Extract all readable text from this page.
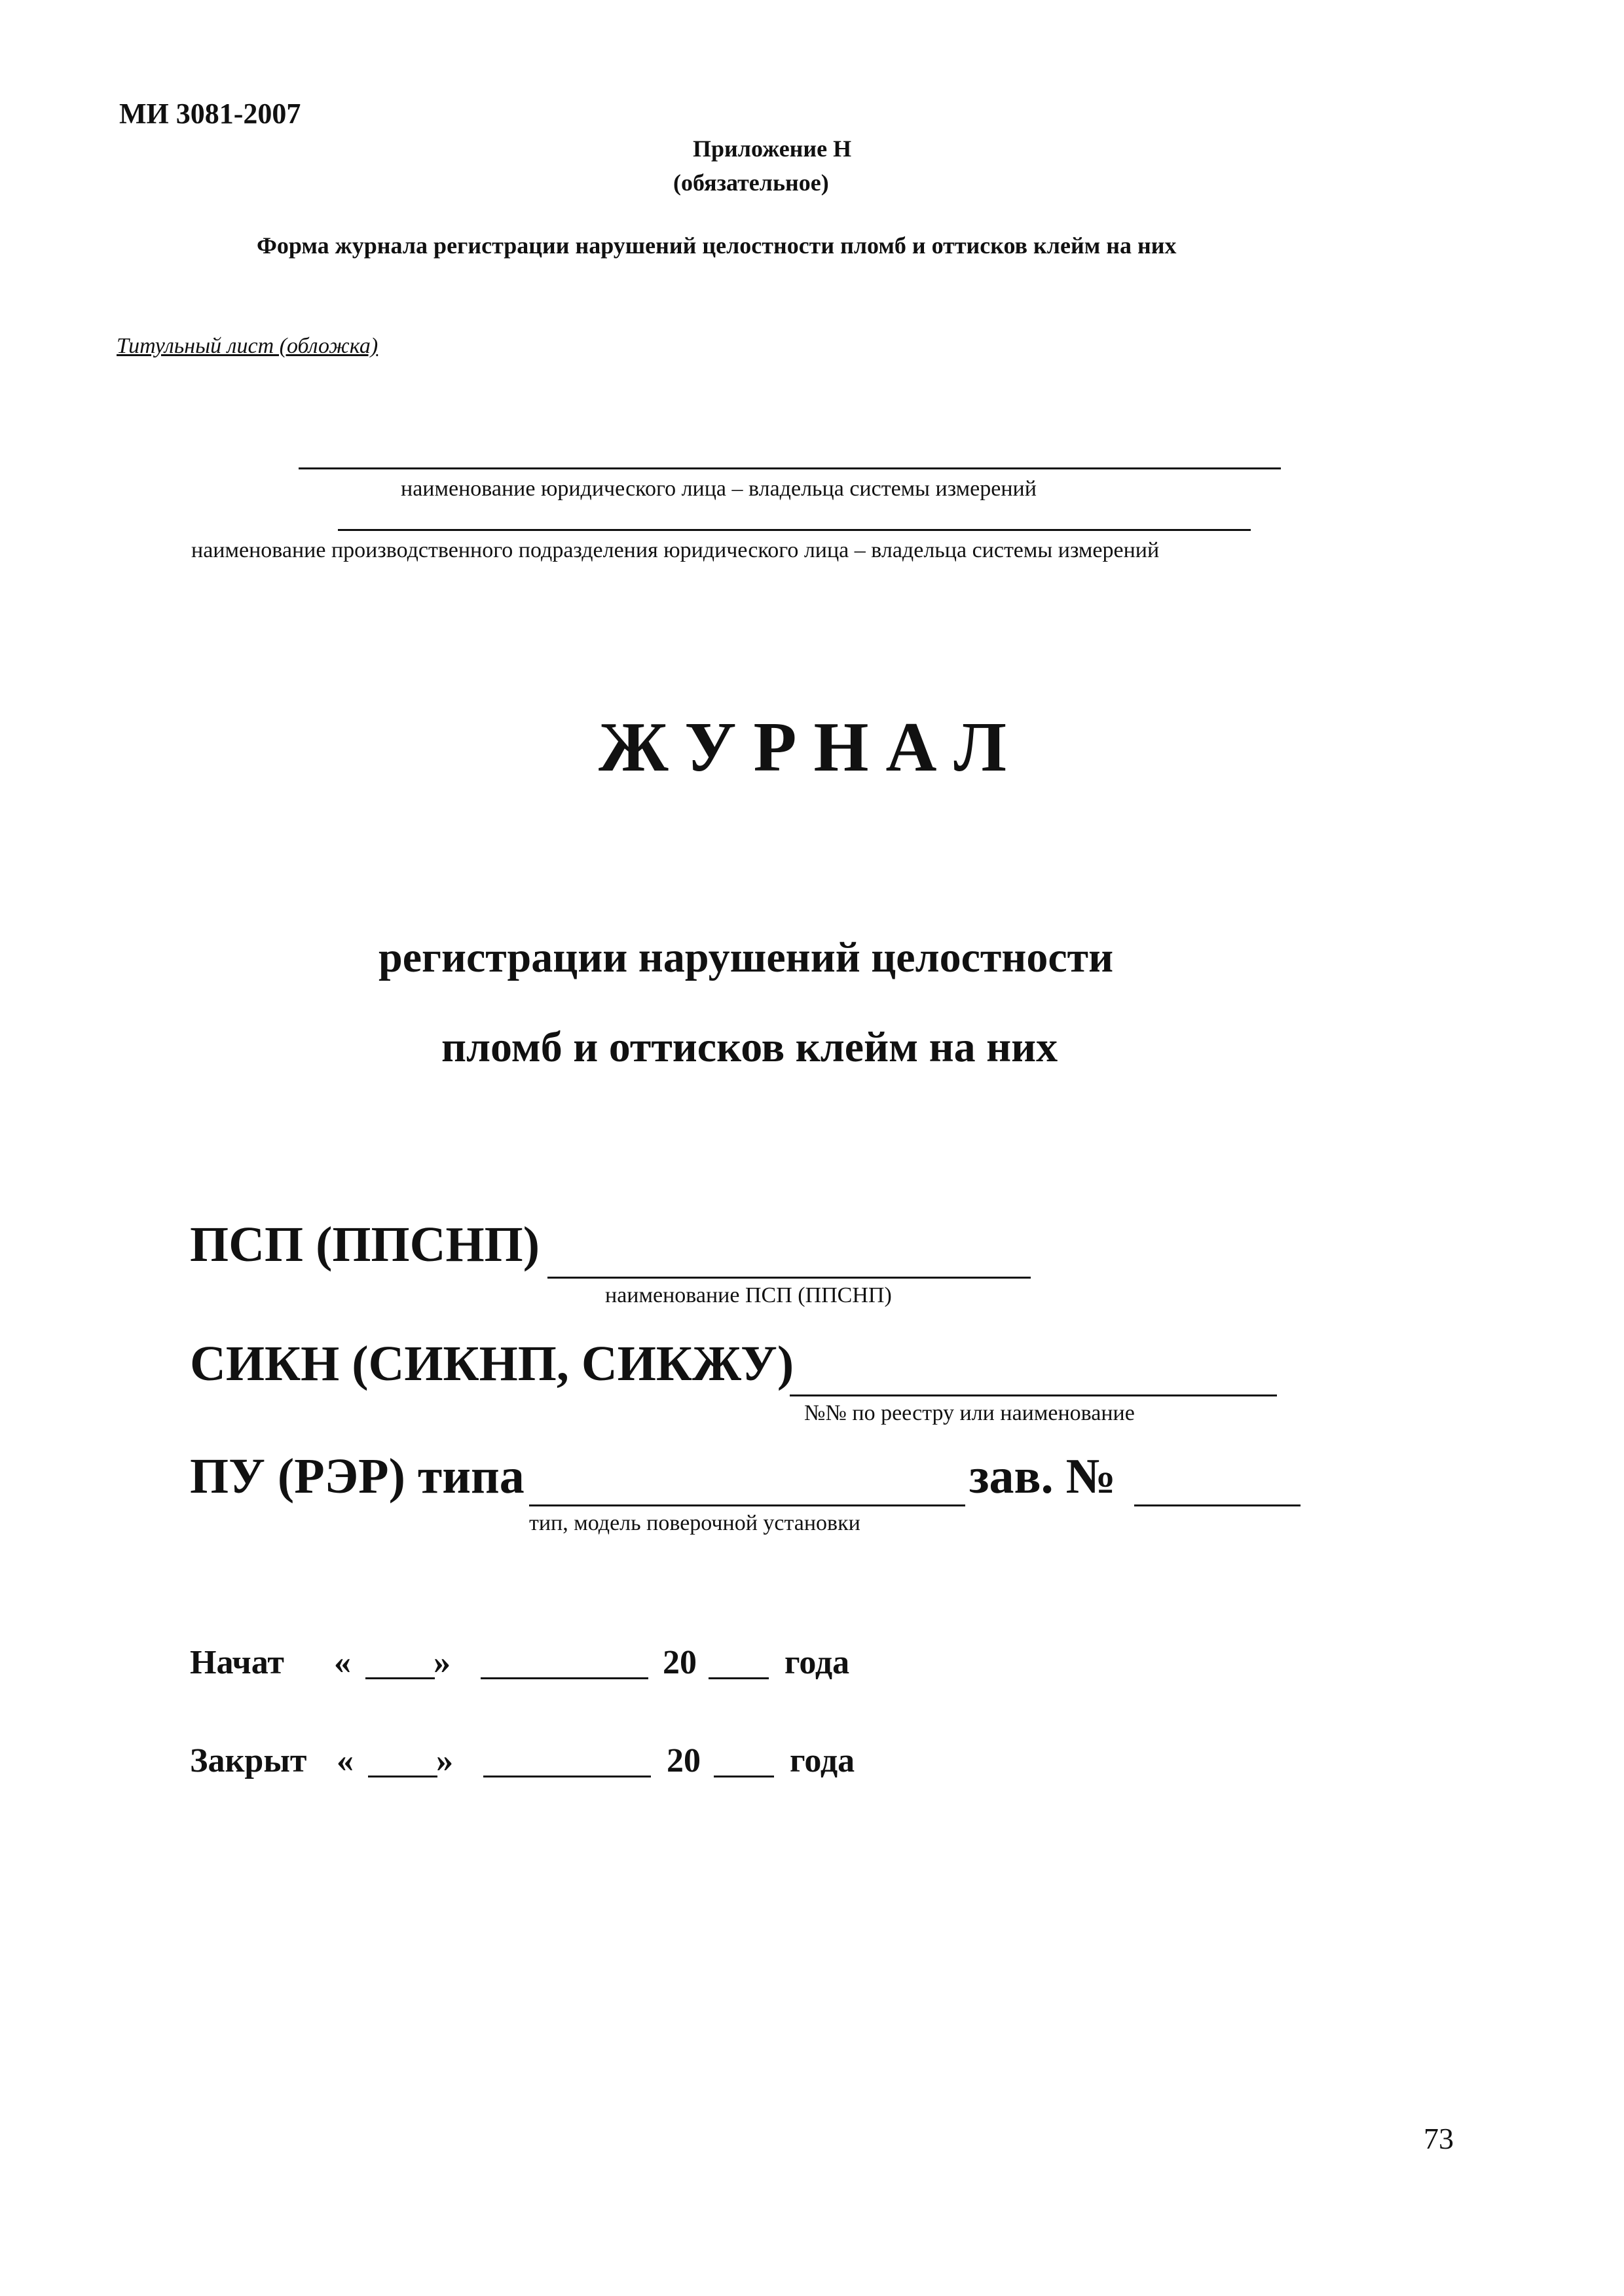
МИ 3081-2007
Приложение Н
(обязательное)
Форма журнала регистрации нарушений целостности пломб и оттисков клейм на них
Титульный лист (обложка)
наименование юридического лица – владельца системы измерений
наименование производственного подразделения юридического лица – владельца системы измерений
ЖУРНАЛ
регистрации нарушений целостности
пломб и оттисков клейм на них
ПСП (ППСНП)
наименование ПСП (ППСНП)
СИКН (СИКНП, СИКЖУ)
№№ по реестру или наименование
ПУ (РЭР) типа
тип, модель поверочной установки
зав. №
Начат « »	20	года
Закрыт « »	20	года
73
